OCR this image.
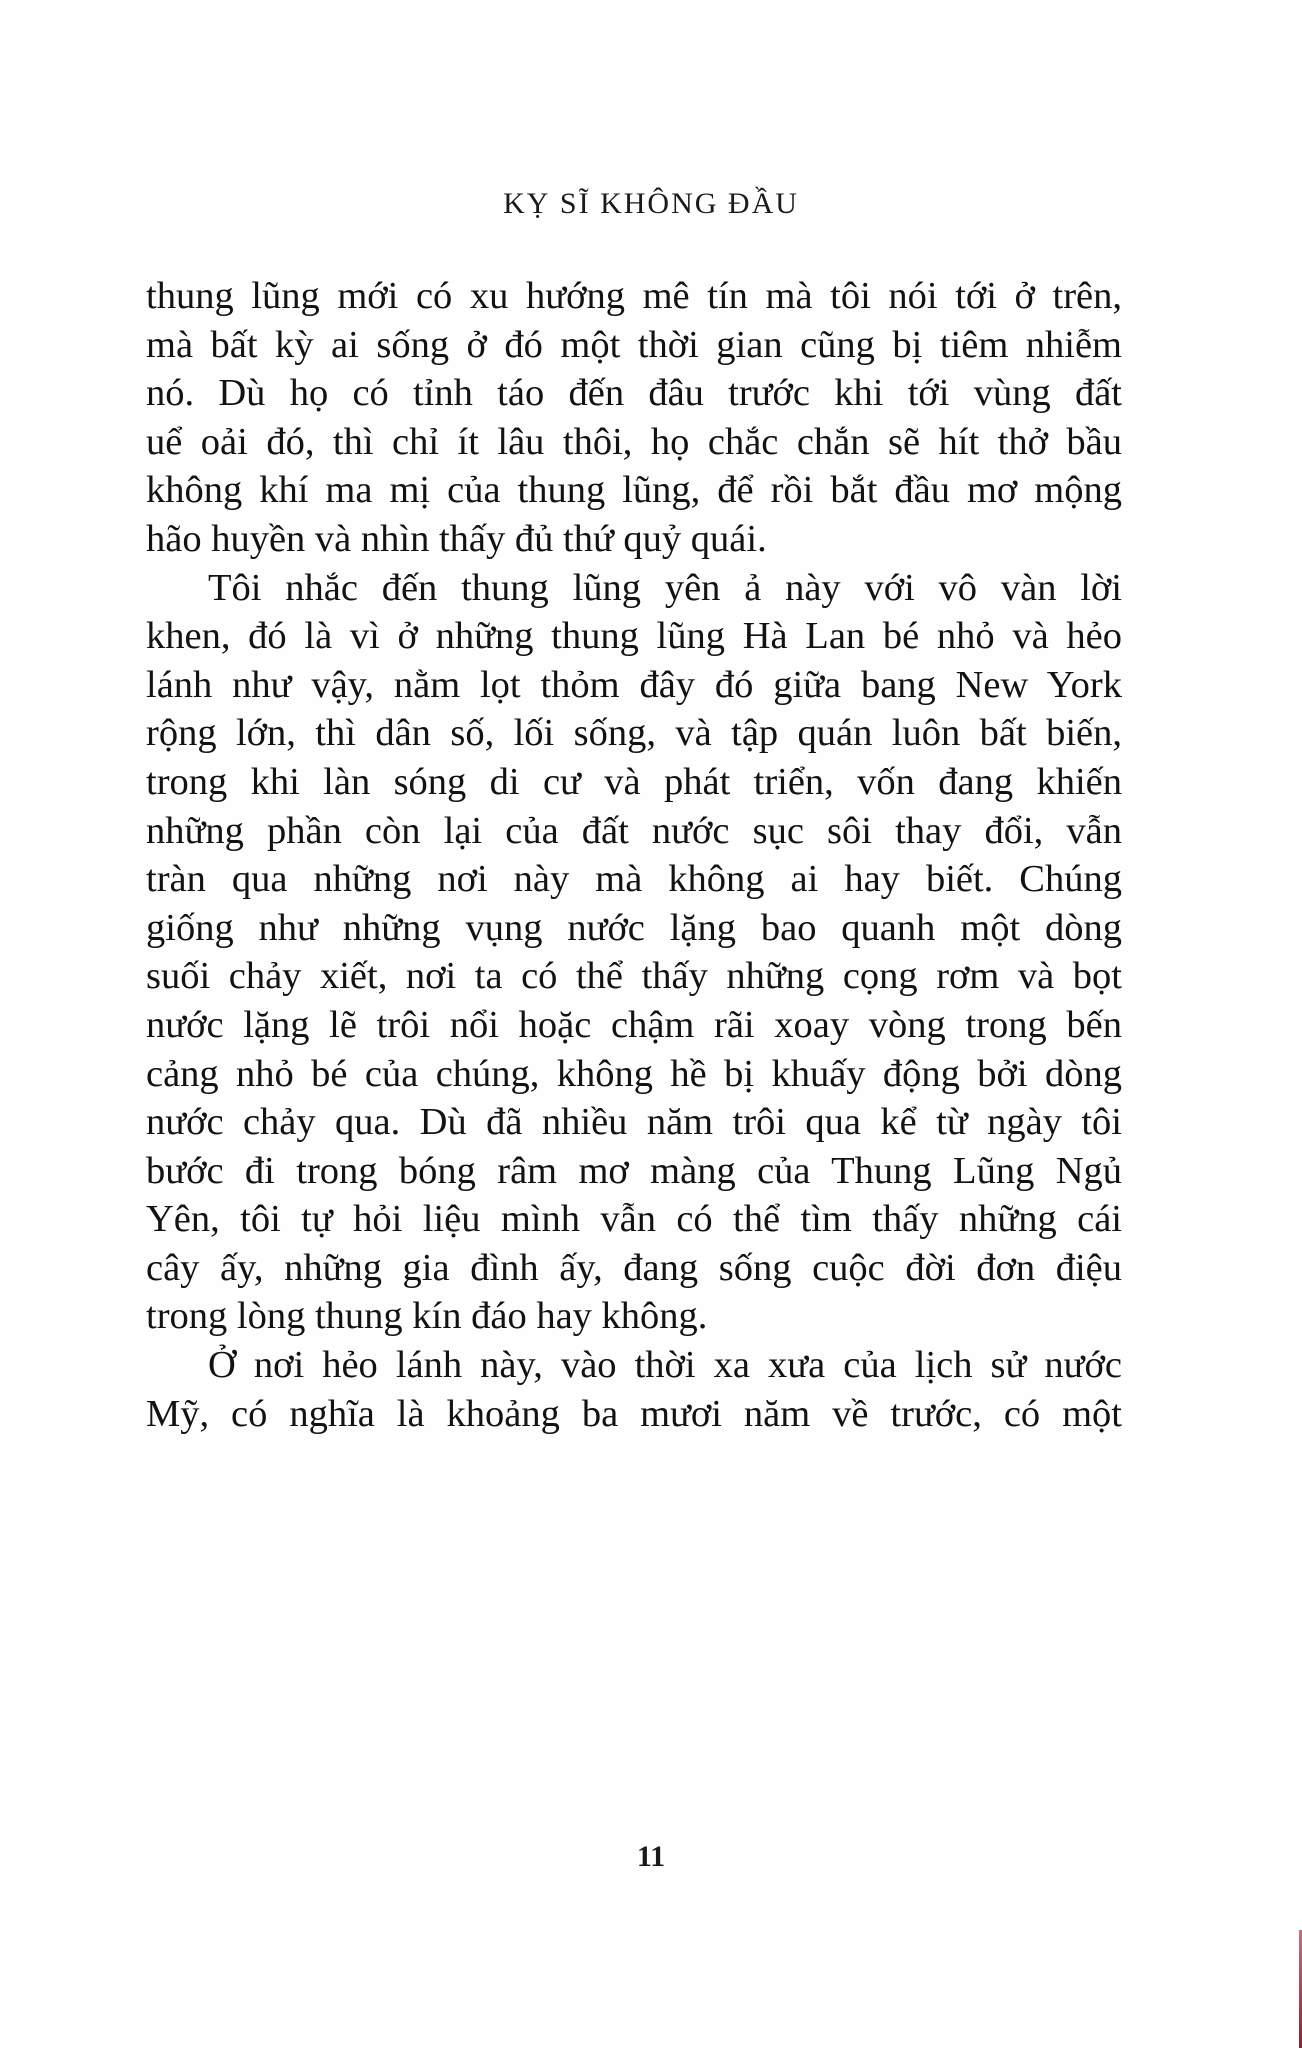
KỴ SĨ KHÔNG ĐẦU
thung lũng mới có xu hướng mê tín mà tôi nói tới ở trên,
mà bất kỳ ai sống ở đó một thời gian cũng bị tiêm nhiễm
nó. Dù họ có tỉnh táo đến đâu trước khi tới vùng đất
uể oải đó, thì chỉ ít lâu thôi, họ chắc chắn sẽ hít thở bầu
không khí ma mị của thung lũng, để rồi bắt đầu mơ mộng
hão huyền và nhìn thấy đủ thứ quỷ quái.
Tôi nhắc đến thung lũng yên ả này với vô vàn lời
khen, đó là vì ở những thung lũng Hà Lan bé nhỏ và hẻo
lánh như vậy, nằm lọt thỏm đây đó giữa bang New York
rộng lớn, thì dân số, lối sống, và tập quán luôn bất biến,
trong khi làn sóng di cư và phát triển, vốn đang khiến
những phần còn lại của đất nước sục sôi thay đổi, vẫn
tràn qua những nơi này mà không ai hay biết. Chúng
giống như những vụng nước lặng bao quanh một dòng
suối chảy xiết, nơi ta có thể thấy những cọng rơm và bọt
nước lặng lẽ trôi nổi hoặc chậm rãi xoay vòng trong bến
cảng nhỏ bé của chúng, không hề bị khuấy động bởi dòng
nước chảy qua. Dù đã nhiều năm trôi qua kể từ ngày tôi
bước đi trong bóng râm mơ màng của Thung Lũng Ngủ
Yên, tôi tự hỏi liệu mình vẫn có thể tìm thấy những cái
cây ấy, những gia đình ấy, đang sống cuộc đời đơn điệu
trong lòng thung kín đáo hay không.
Ở nơi hẻo lánh này, vào thời xa xưa của lịch sử nước
Mỹ, có nghĩa là khoảng ba mươi năm về trước, có một
11
